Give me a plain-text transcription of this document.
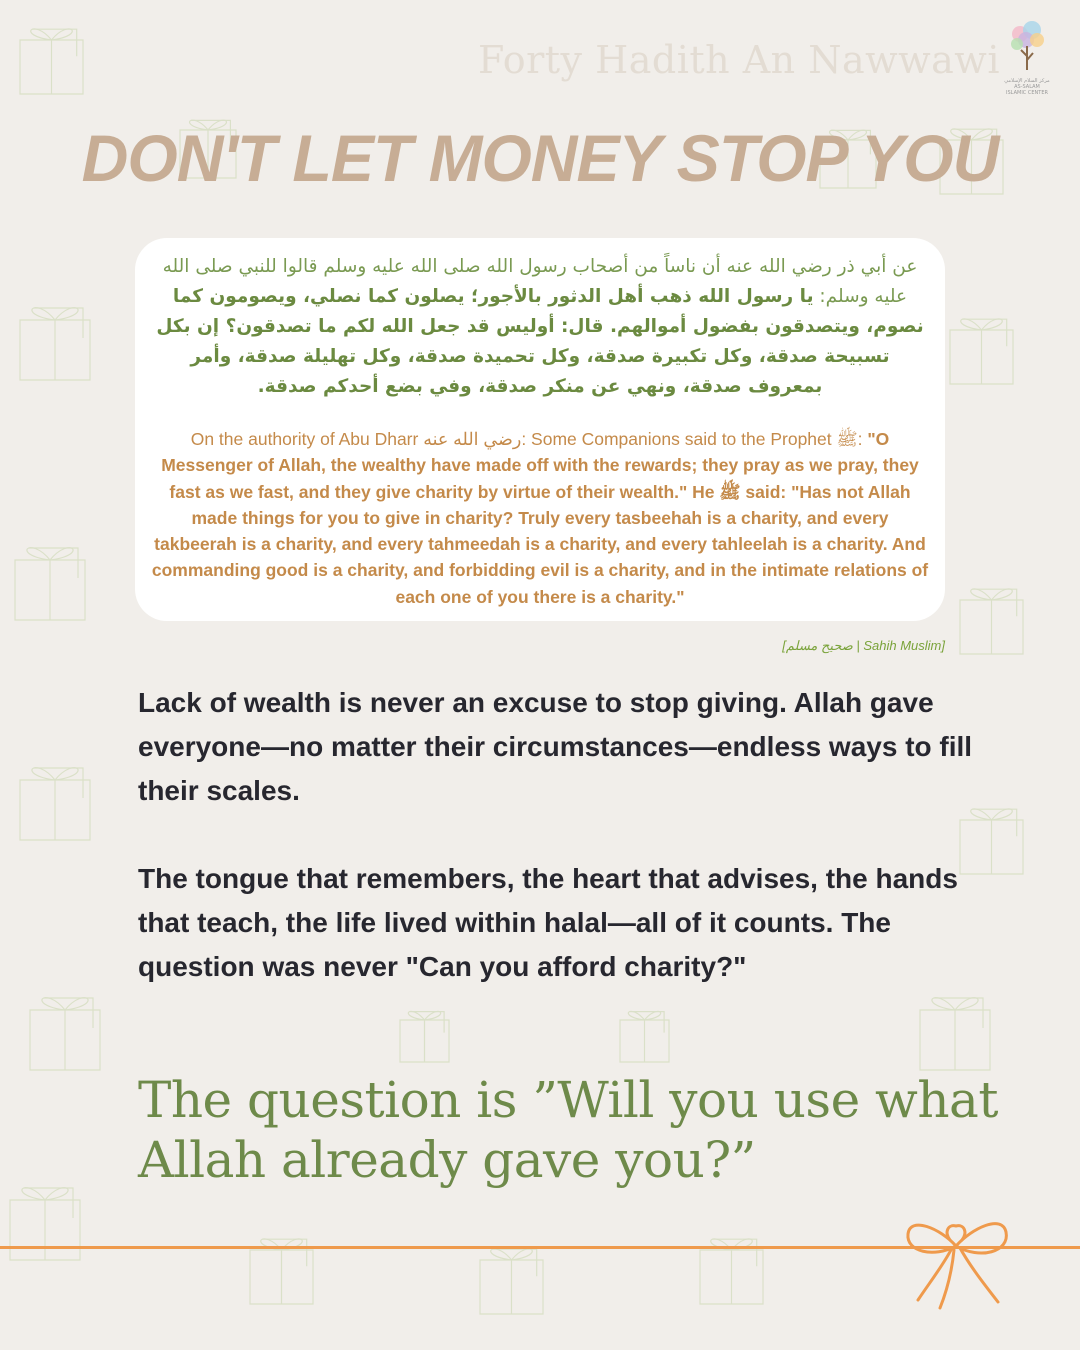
Forty Hadith An Nawwawi مركز السلام الإسلامي
AS-SALAM ISLAMIC CENTER
DON'T LET MONEY STOP YOU
عن أبي ذر رضي الله عنه أن ناساً من أصحاب رسول الله صلى الله عليه وسلم قالوا للنبي صلى الله عليه وسلم: يا رسول الله ذهب أهل الدثور بالأجور؛ يصلون كما نصلي، ويصومون كما نصوم، ويتصدقون بفضول أموالهم. قال: أوليس قد جعل الله لكم ما تصدقون؟ إن بكل تسبيحة صدقة، وكل تكبيرة صدقة، وكل تحميدة صدقة، وكل تهليلة صدقة، وأمر بمعروف صدقة، ونهي عن منكر صدقة، وفي بضع أحدكم صدقة.
On the authority of Abu Dharr رضي الله عنه: Some Companions said to the Prophet ﷺ: "O Messenger of Allah, the wealthy have made off with the rewards; they pray as we pray, they fast as we fast, and they give charity by virtue of their wealth." He ﷺ said: "Has not Allah made things for you to give in charity? Truly every tasbeehah is a charity, and every takbeerah is a charity, and every tahmeedah is a charity, and every tahleelah is a charity. And commanding good is a charity, and forbidding evil is a charity, and in the intimate relations of each one of you there is a charity."
[صحيح مسلم | Sahih Muslim]

Lack of wealth is never an excuse to stop giving. Allah gave everyone—no matter their circumstances—endless ways to fill their scales.

The tongue that remembers, the heart that advises, the hands that teach, the life lived within halal—all of it counts. The question was never "Can you afford charity?"

The question is ”Will you use what Allah already gave you?”
